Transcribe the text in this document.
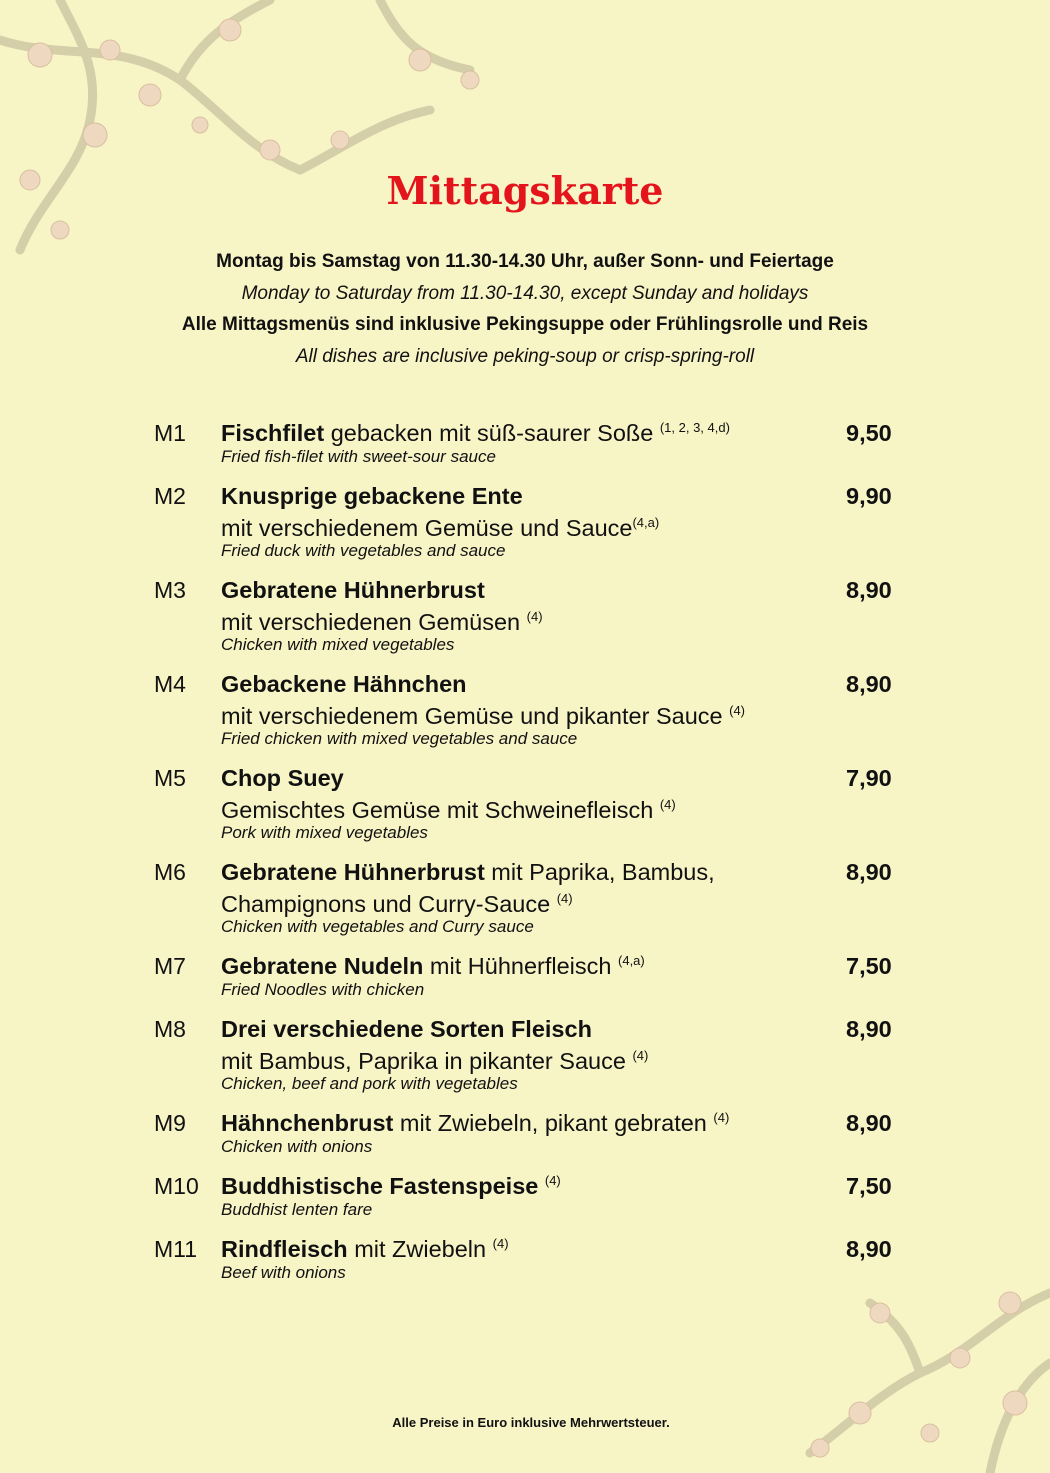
Mittagskarte
Montag bis Samstag von 11.30-14.30 Uhr, außer Sonn- und Feiertage
Monday to Saturday from 11.30-14.30, except Sunday and holidays
Alle Mittagsmenüs sind inklusive Pekingsuppe oder Frühlingsrolle und Reis
All dishes are inclusive peking-soup or crisp-spring-roll
M1 Fischfilet gebacken mit süß-saurer Soße $^{(1, 2, 3, 4,d)}$
Fried fish-filet with sweet-sour sauce
9,50
M2 Knusprige gebackene Ente
mit verschiedenem Gemüse und Sauce$^{(4,a)}$
Fried duck with vegetables and sauce
9,90
M3 Gebratene Hühnerbrust
mit verschiedenen Gemüsen $^{(4)}$
Chicken with mixed vegetables
8,90
M4 Gebackene Hähnchen
mit verschiedenem Gemüse und pikanter Sauce $^{(4)}$
Fried chicken with mixed vegetables and sauce
8,90
M5 Chop Suey
Gemischtes Gemüse mit Schweinefleisch $^{(4)}$
Pork with mixed vegetables
7,90
M6 Gebratene Hühnerbrust mit Paprika, Bambus,
Champignons und Curry-Sauce $^{(4)}$
Chicken with vegetables and Curry sauce
8,90
M7 Gebratene Nudeln mit Hühnerfleisch $^{(4,a)}$
Fried Noodles with chicken
7,50
M8 Drei verschiedene Sorten Fleisch
mit Bambus, Paprika in pikanter Sauce $^{(4)}$
Chicken, beef and pork with vegetables
8,90
M9 Hähnchenbrust mit Zwiebeln, pikant gebraten $^{(4)}$
Chicken with onions
8,90
M10 Buddhistische Fastenspeise $^{(4)}$
Buddhist lenten fare
7,50
M11 Rindfleisch mit Zwiebeln $^{(4)}$
Beef with onions
8,90
Alle Preise in Euro inklusive Mehrwertsteuer.
